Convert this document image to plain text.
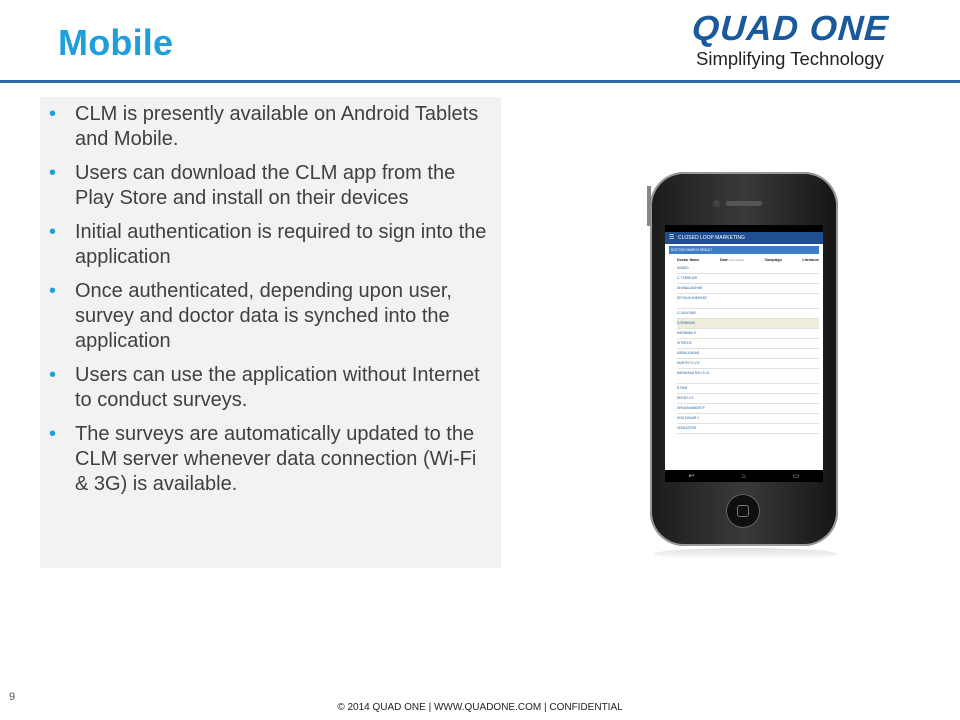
Mobile	QUAD ONE
Simplifying Technology
• CLM is presently available on Android Tablets and Mobile.
• Users can download the CLM app from the Play Store and install on their devices
• Initial authentication is required to sign into the application
• Once authenticated, depending upon user, survey and doctor data is synched into the application
• Users can use the application without Internet to conduct surveys.
• The surveys are automatically updated to the CLM server whenever data connection (Wi-Fi & 3G) is available.
☰ CLOSED LOOP MARKETING
DOCTOR SEARCH RESULT
Doctor Name	Date (Last Visited)	Campaign	Literature
AHMED
C.T.SRIDHAR
DHANALAKSHMI
DR.RAJA SHEKHAR
G.JAYA RAM
G.SRINIVAS
HARIBABU K
HITISHI.B
KIRAN KUMAR
MURTHY K.V.D
NARAYANA RAO.S.V.L
R.RAM
REDDY.V.S
SHIVASHANKAR.P
SIVA KUMAR V
VENKATESH
↩	⌂	▭
9
© 2014 QUAD ONE | WWW.QUADONE.COM | CONFIDENTIAL
